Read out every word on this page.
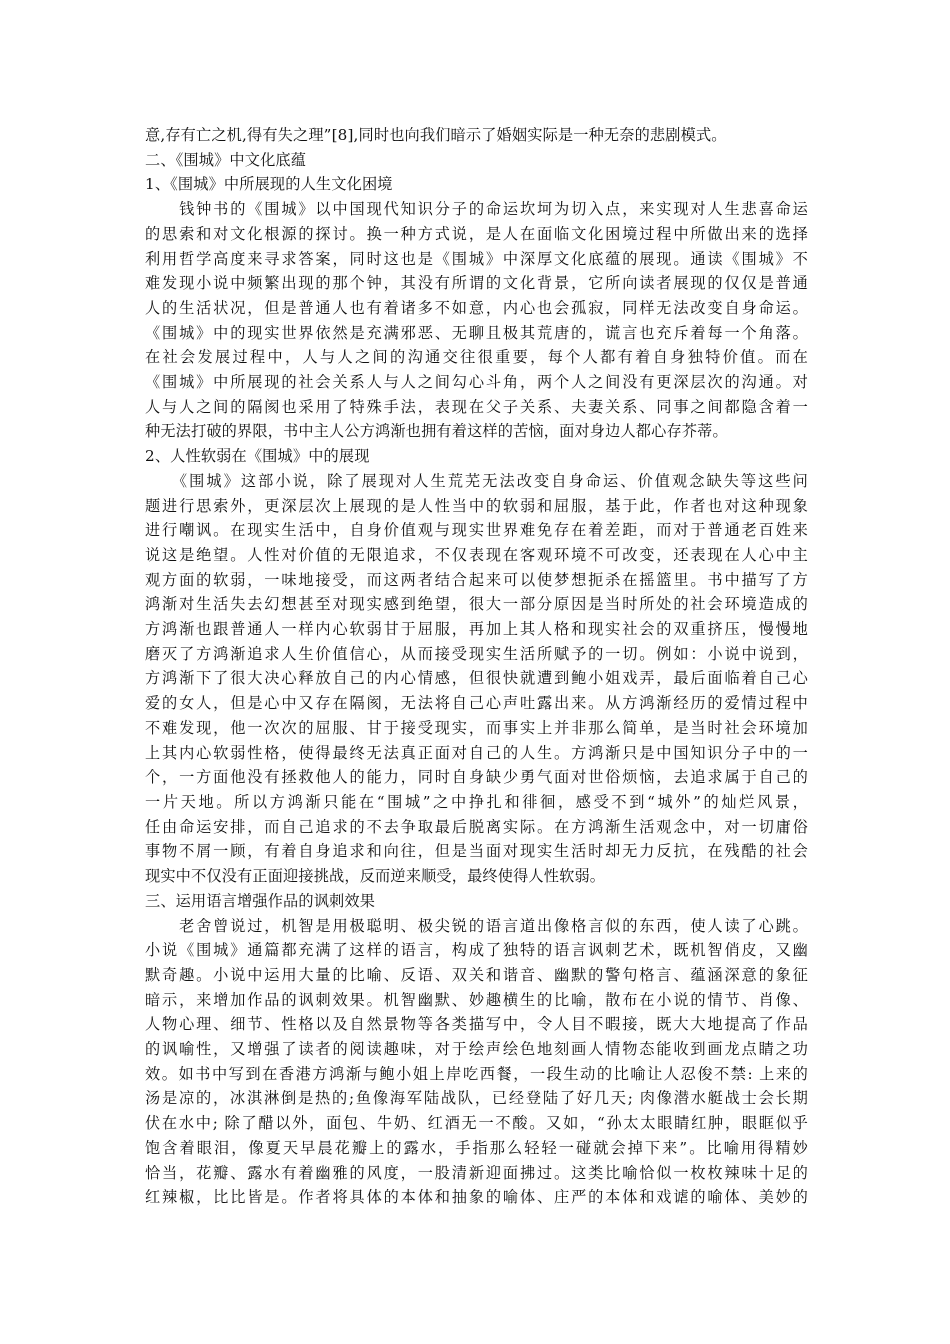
意,存有亡之机,得有失之理”[8],同时也向我们暗示了婚姻实际是一种无奈的悲剧模式。
二、《围城》中文化底蕴
1、《围城》中所展现的人生文化困境
　　钱钟书的《围城》以中国现代知识分子的命运坎坷为切入点，来实现对人生悲喜命运
的思索和对文化根源的探讨。换一种方式说，是人在面临文化困境过程中所做出来的选择
利用哲学高度来寻求答案，同时这也是《围城》中深厚文化底蕴的展现。通读《围城》不
难发现小说中频繁出现的那个钟，其没有所谓的文化背景，它所向读者展现的仅仅是普通
人的生活状况，但是普通人也有着诸多不如意，内心也会孤寂，同样无法改变自身命运。
《围城》中的现实世界依然是充满邪恶、无聊且极其荒唐的，谎言也充斥着每一个角落。
在社会发展过程中，人与人之间的沟通交往很重要，每个人都有着自身独特价值。而在
《围城》中所展现的社会关系人与人之间勾心斗角，两个人之间没有更深层次的沟通。对
人与人之间的隔阂也采用了特殊手法，表现在父子关系、夫妻关系、同事之间都隐含着一
种无法打破的界限，书中主人公方鸿渐也拥有着这样的苦恼，面对身边人都心存芥蒂。
2、人性软弱在《围城》中的展现
　　《围城》这部小说，除了展现对人生荒芜无法改变自身命运、价值观念缺失等这些问
题进行思索外，更深层次上展现的是人性当中的软弱和屈服，基于此，作者也对这种现象
进行嘲讽。在现实生活中，自身价值观与现实世界难免存在着差距，而对于普通老百姓来
说这是绝望。人性对价值的无限追求，不仅表现在客观环境不可改变，还表现在人心中主
观方面的软弱，一味地接受，而这两者结合起来可以使梦想扼杀在摇篮里。书中描写了方
鸿渐对生活失去幻想甚至对现实感到绝望，很大一部分原因是当时所处的社会环境造成的
方鸿渐也跟普通人一样内心软弱甘于屈服，再加上其人格和现实社会的双重挤压，慢慢地
磨灭了方鸿渐追求人生价值信心，从而接受现实生活所赋予的一切。例如：小说中说到，
方鸿渐下了很大决心释放自己的内心情感，但很快就遭到鲍小姐戏弄，最后面临着自己心
爱的女人，但是心中又存在隔阂，无法将自己心声吐露出来。从方鸿渐经历的爱情过程中
不难发现，他一次次的屈服、甘于接受现实，而事实上并非那么简单，是当时社会环境加
上其内心软弱性格，使得最终无法真正面对自己的人生。方鸿渐只是中国知识分子中的一
个，一方面他没有拯救他人的能力，同时自身缺少勇气面对世俗烦恼，去追求属于自己的
一片天地。所以方鸿渐只能在“围城”之中挣扎和徘徊，感受不到“城外”的灿烂风景，
任由命运安排，而自己追求的不去争取最后脱离实际。在方鸿渐生活观念中，对一切庸俗
事物不屑一顾，有着自身追求和向往，但是当面对现实生活时却无力反抗，在残酷的社会
现实中不仅没有正面迎接挑战，反而逆来顺受，最终使得人性软弱。
三、运用语言增强作品的讽刺效果
　　老舍曾说过，机智是用极聪明、极尖锐的语言道出像格言似的东西，使人读了心跳。
小说《围城》通篇都充满了这样的语言，构成了独特的语言讽刺艺术，既机智俏皮，又幽
默奇趣。小说中运用大量的比喻、反语、双关和谐音、幽默的警句格言、蕴涵深意的象征
暗示，来增加作品的讽刺效果。机智幽默、妙趣横生的比喻，散布在小说的情节、肖像、
人物心理、细节、性格以及自然景物等各类描写中，令人目不暇接，既大大地提高了作品
的讽喻性，又增强了读者的阅读趣味，对于绘声绘色地刻画人情物态能收到画龙点睛之功
效。如书中写到在香港方鸿渐与鲍小姐上岸吃西餐，一段生动的比喻让人忍俊不禁: 上来的
汤是凉的，冰淇淋倒是热的;鱼像海军陆战队，已经登陆了好几天; 肉像潜水艇战士会长期
伏在水中; 除了醋以外，面包、牛奶、红酒无一不酸。又如，“孙太太眼睛红肿，眼眶似乎
饱含着眼泪，像夏天早晨花瓣上的露水，手指那么轻轻一碰就会掉下来”。比喻用得精妙
恰当，花瓣、露水有着幽雅的风度，一股清新迎面拂过。这类比喻恰似一枚枚辣味十足的
红辣椒，比比皆是。作者将具体的本体和抽象的喻体、庄严的本体和戏谑的喻体、美妙的
